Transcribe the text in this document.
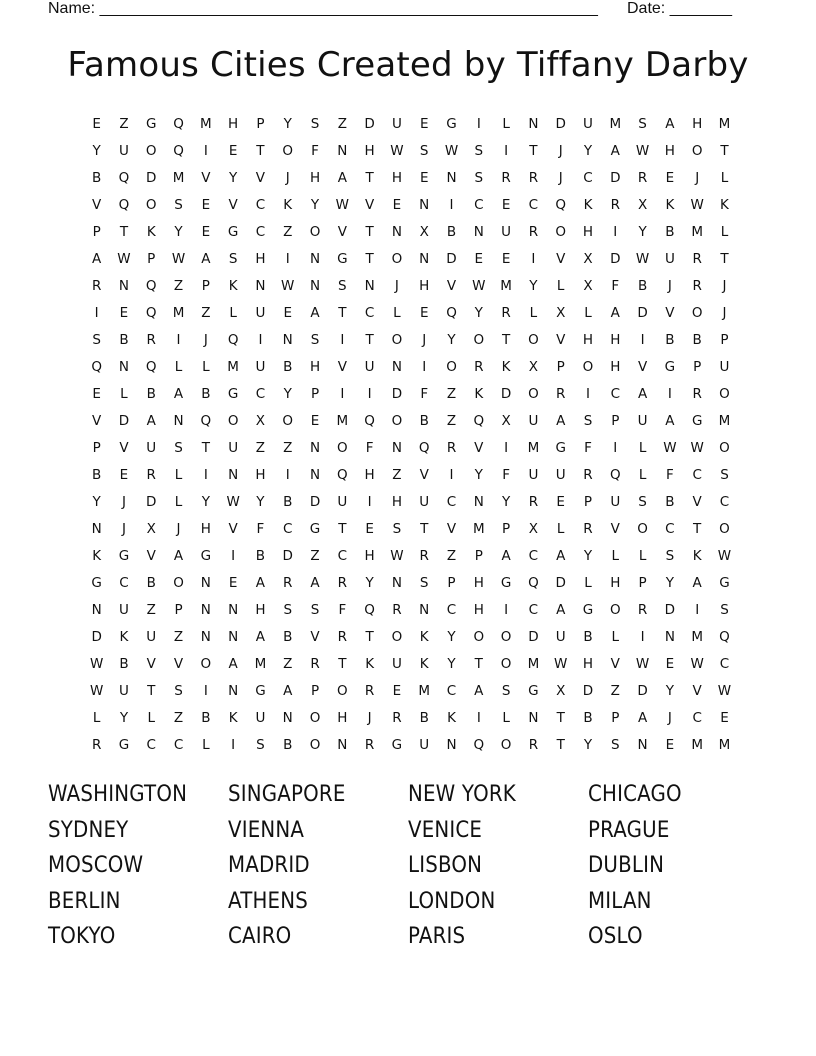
Name: ________________________________________________________ Date: _______
Famous Cities Created by Tiffany Darby
E	Z	G	Q	M	H	P	Y	S	Z	D	U	E	G	I	L	N	D	U	M	S	A	H	M
Y	U	O	Q	I	E	T	O	F	N	H	W	S	W	S	I	T	J	Y	A	W	H	O	T
B	Q	D	M	V	Y	V	J	H	A	T	H	E	N	S	R	R	J	C	D	R	E	J	L
V	Q	O	S	E	V	C	K	Y	W	V	E	N	I	C	E	C	Q	K	R	X	K	W	K
P	T	K	Y	E	G	C	Z	O	V	T	N	X	B	N	U	R	O	H	I	Y	B	M	L
A	W	P	W	A	S	H	I	N	G	T	O	N	D	E	E	I	V	X	D	W	U	R	T
R	N	Q	Z	P	K	N	W	N	S	N	J	H	V	W	M	Y	L	X	F	B	J	R	J
I	E	Q	M	Z	L	U	E	A	T	C	L	E	Q	Y	R	L	X	L	A	D	V	O	J
S	B	R	I	J	Q	I	N	S	I	T	O	J	Y	O	T	O	V	H	H	I	B	B	P
Q	N	Q	L	L	M	U	B	H	V	U	N	I	O	R	K	X	P	O	H	V	G	P	U
E	L	B	A	B	G	C	Y	P	I	I	D	F	Z	K	D	O	R	I	C	A	I	R	O
V	D	A	N	Q	O	X	O	E	M	Q	O	B	Z	Q	X	U	A	S	P	U	A	G	M
P	V	U	S	T	U	Z	Z	N	O	F	N	Q	R	V	I	M	G	F	I	L	W	W	O
B	E	R	L	I	N	H	I	N	Q	H	Z	V	I	Y	F	U	U	R	Q	L	F	C	S
Y	J	D	L	Y	W	Y	B	D	U	I	H	U	C	N	Y	R	E	P	U	S	B	V	C
N	J	X	J	H	V	F	C	G	T	E	S	T	V	M	P	X	L	R	V	O	C	T	O
K	G	V	A	G	I	B	D	Z	C	H	W	R	Z	P	A	C	A	Y	L	L	S	K	W
G	C	B	O	N	E	A	R	A	R	Y	N	S	P	H	G	Q	D	L	H	P	Y	A	G
N	U	Z	P	N	N	H	S	S	F	Q	R	N	C	H	I	C	A	G	O	R	D	I	S
D	K	U	Z	N	N	A	B	V	R	T	O	K	Y	O	O	D	U	B	L	I	N	M	Q
W	B	V	V	O	A	M	Z	R	T	K	U	K	Y	T	O	M	W	H	V	W	E	W	C
W	U	T	S	I	N	G	A	P	O	R	E	M	C	A	S	G	X	D	Z	D	Y	V	W
L	Y	L	Z	B	K	U	N	O	H	J	R	B	K	I	L	N	T	B	P	A	J	C	E
R	G	C	C	L	I	S	B	O	N	R	G	U	N	Q	O	R	T	Y	S	N	E	M	M
WASHINGTON	SINGAPORE	NEW YORK	CHICAGO
SYDNEY	VIENNA	VENICE	PRAGUE
MOSCOW	MADRID	LISBON	DUBLIN
BERLIN	ATHENS	LONDON	MILAN
TOKYO	CAIRO	PARIS	OSLO
